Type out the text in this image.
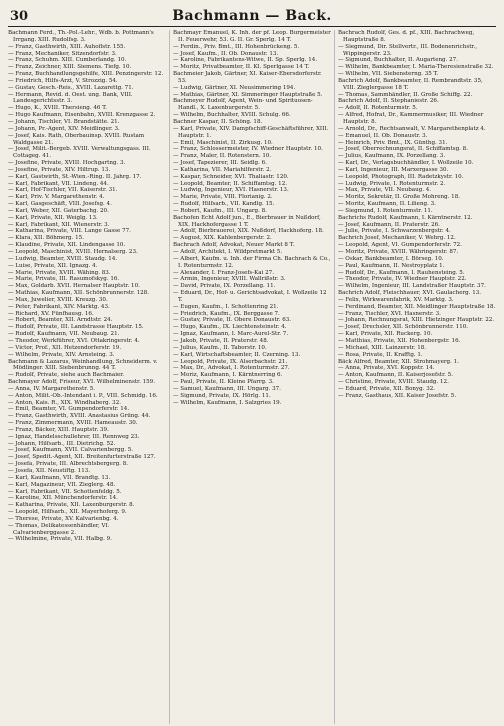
30	Bachmann — Back.

Bachmann Ferd., Th.-Pol.-Lehr., Wdb. b. Pottmann's Irrgang. XIII. Rudolfsg. 3.

— Franz, Gasthwirth, XIII. Auhoflstr. 155.

— Franz, Mechaniker, Sitzendorfstr. 3.

— Franz, Schuhm. XIII. Cumberlandg. 10.

— Franz, Zeichner, XIII. Siemens. Tiefg. 10.

— Franz, Buchhandlungsgehilfe, XIII. Penzingerstr. 12.

— Friedrich, Hilfs-Arzt, V. Strozzig. 54.

— Gustav, Gesch.-Reis., XVIII. Lazarettg. 71.

— Hermann, Revid. d. Oest. ung. Bank, VIII. Landesgerichtsstr. 3.

— Hugo, K., XVIII. Thersieng. 46 T.

— Hugo Kaufmann, Eisenbahn, XVIII. Krenzgasse 2.

— Johann, Tischler, VI. Brandstätte. 21.

— Johann, Pr.-Agent, XIV. Meidlinger. 3.

— Josef, Kais. Rath, Oberbauinsp. XVIII. Rustam Waldgasse 21.

— Josef, Milit.-Bergeb. XVIII. Verwaltungsgass. III. Cottageg. 41.

— Josefine, Private, XVIII. Hochgartng. 3.

— Josefine, Private, XIV. Hiltrup. 13.

— Karl, Gastwirth, St.-Wien.-Ring. II. Jahrg. 17.

— Karl, Fabrikant, VII. Lindeng. 44.

— Karl, Hof-Tischler, VII. Kaiserstr. 31.

— Karl, Priv. V. Margarethenstr. 4.

— Karl, Gasgeschäft, VIII. Josefsg. 4.

— Karl, Weber, XII. Gaterbachg. 20.

— Karl, Private, XII. Weiglg. 13.

— Karl, Fabrikant, XII. Wienerstr. 3.

— Katharina, Private, VIII. Lange Gasse 77.

— Klara, XII. Böhmerg. 15.

— Klaudine, Private, XII. Lindengasse 10.

— Leopold, Maschinist, XVIII. Hernalserg. 23.

— Ludwig, Beamter, XVIII. Staudg. 14.

— Luise, Private, XII. Ignazg. 4.

— Marie, Private, XVIII. Wähing. 83.

— Marie, Private, III. Rasumofskyg. 16.

— Max, Goldarb. XVII. Hernalser Hauptstr. 10.

— Mathias, Kaufmann, XII. Schönbrunnerstr. 128.

— Max, Juwelier, XVIII. Kreuzg. 30.

— Peter, Fabrikant, XIV. Marktg. 43.

— Richard, XV. Fünfhausg. 16.

— Robert, Beamter, XII. Arndtstr. 24.

— Rudolf, Private, III. Landstrasse Hauptstr. 15.

— Rudolf, Kaufmann, VII. Neubaug. 21.

— Theodor, Werkführer, XVI. Ottakringerstr. 4.

— Victor, Prof., XII. Hetzendorferstr. 19.

— Wilhelm, Private, XIV. Arnsteing. 3.

Bachmann & Lazarus, Weinhandlung, Schneiderm. v. Mödlinger. XIII. Siebenbrunng. 44 T.

— Rudolf, Private, siehe auch Bachmaier.

Bachmayer Adolf, Friseur, XVI. Wilhelminenstr. 159.

— Anna, IV. Margarethenstr. 5.

— Anton, Milit.-Ob.-Intendant i. P., VIII. Schmidg. 16.

— Anton, Kais. R., XIX. Windhaberg. 32.

— Emil, Beamter, VI. Gumpendorferstr. 14.

— Franz, Gasthwirth, XVIII. Anastasius Grüng. 44.

— Franz, Zimmermann, XVIII. Hameaustr. 30.

— Franz, Bäcker, XIII. Hauptstr. 39.

— Ignaz, Handelsschullehrer, III. Rennweg 23.

— Johann, Hilfsarb., III. Dietrichg. 52.

— Josef, Kaufmann, XVII. Calvarienbergg. 5.

— Josef, Spedit.-Agent, XII. Breitenfurterstraße 127.

— Josefa, Private, III. Albrechtsbergerg. 8.

— Josefa, XII. Neustiftg. 113.

— Karl, Kaufmann, VII. Brandtg. 13.

— Karl, Magazineur, VII. Zieglerg. 48.

— Karl, Fabrikant, VII. Schottenfeldg. 5.

— Karoline, XII. Münchendorferstr. 14.

— Katharina, Private, XII. Laxenburgerstr. 8.

— Leopold, Hilfsarb., XII. Mayerhoferg. 9.

— Therese, Private, XV. Kalvarienbg. 4.

— Thomas, Delikatessenhändler, VI. Calvarienberggasse 2.

— Wilhelmine, Private, VII. Halbg. 9.

Bachmayr Emanuel, K. Inh. der pf. Leop. Burgermeister II. Feuerwehr, 53. G. II. Gr. Sperlg. 14 T.

— Ferdin., Priv. Bmt., III. Hohenbrückeng. 5.

— Josef, Kaufm., II. Ob. Donaustr. 13.

— Karoline, Fabrikantens-Witwe, II. Sp. Sperlg. 14.

— Moritz, Privatbeamter, II. Kl. Sperlgasse 14 T.

Bachmeier Jakob, Gärtner, XI. Kaiser-Ebersdorferstr. 53.

— Ludwig, Gärtner, XI. Neusimmering 194.

— Mathias, Gärtner, XI. Simmeringer Hauptstraße 5.

Bachmeyer Rudolf, Agent, Wein- und Spirituosen-Handl., X. Laxenburgerstr. 5.

— Wilhelm, Buchhalter, XVIII. Schulg. 66.

Bachner Kaspar, II. Schöng. 18.

— Karl, Private, XIV. Dampfschiff-Geschäftsführer, XIII. Hauptstr. 1.

— Emil, Maschinist, II. Zirkusg. 10.

— Franz, Schlossermeister, IV. Wiedner Hauptstr. 10.

— Franz, Maler, II. Rotenstern. 10.

— Josef, Tapezierer, III. Seidlg. 6.

— Katharina, VII. Mariahilferstr. 2.

— Kaspar, Schneider, XVI. Thaliastr. 120.

— Leopold, Beamter, II. Schiffamtsg. 12.

— Ludwig, Ingenieur, XVI. Hasnerstr. 13.

— Marie, Private, VIII. Florianig. 2.

— Rudolf, Hilfsarb., VII. Kandlg. 15.

— Robert, Kaufm., III. Ungarg. 8.

Bachofen Echt Adolf jun., E., Bierbrauer in Nußdorf, XIX. Hackhofergasse 1 T.

— Adolf, Bierbrauerei, XIX. Nußdorf, Hackhoferg. 18.

— August, XIX. Kahlenbergerstr. 2.

Bachrach Adolf, Advokat, Neuer Markt 8 T.

— Adolf, Architekt, I. Wildpretmarkt 5.

— Albert, Kaufm. u. Inh. der Firma Ch. Bachrach & Co., I. Rotenturmstr. 12.

— Alexander, I. Franz-Josefs-Kai 27.

— Armin, Ingenieur, XVIII. Wallrißstr. 3.

— David, Private, IX. Porzellang. 11.

— Eduard, Dr., Hof- u. Gerichtsadvokat, I. Wollzeile 12 T.

— Eugen, Kaufm., I. Schottenring 21.

— Friedrich, Kaufm., IX. Berggasse 7.

— Gustav, Private, II. Obere Donaustr. 63.

— Hugo, Kaufm., IX. Liechtensteinstr. 4.

— Ignaz, Kaufmann, I. Marc-Aurel-Str. 7.

— Jakob, Private, II. Praterstr. 48.

— Julius, Kaufm., II. Taborstr. 10.

— Karl, Wirtschaftsbeamter, II. Czerning. 13.

— Leopold, Private, IX. Alserbachstr. 21.

— Max, Dr., Advokat, I. Rotenturmstr. 27.

— Moriz, Kaufmann, I. Kärntnerring 6.

— Paul, Private, II. Kleine Pfarrg. 3.

— Samuel, Kaufmann, III. Ungarg. 37.

— Sigmund, Private, IX. Hörlg. 11.

— Wilhelm, Kaufmann, I. Salzgries 19.

Bachrach Rudolf, Ges. d. pf., XIII. Bachrachweg, Hauptstraße 8.

— Siegmund, Dir. Stellvertr., III. Bodenenrichstr., Wippingerstr. 23.

— Sigmund, Buchhalter, II. Augarteng. 27.

— Wilhelm, Bankbeamter, I. Maria-Theresienstraße 32.

— Wilhelm, VII. Siebensterng. 35 T.

Bachrich Adolf, Bankbeamter, II. Rembrandtstr. 35, VIII. Zieglergasse 18 T.

— Thomas, Sammhändler, II. Große Schiffg. 22.

Bachrich Adolf, II. Stephaniestr. 26.

— Adolf, II. Rotenturmstr. 5.

— Alfred, Hofrat, Dr., Kammermusiker, III. Wiedner Hauptstr. 8.

— Arnold, Dr., Rechtsanwalt, V. Margarethenplatz 4.

— Emanuel, II. Ob. Donaustr. 3.

— Heinrich, Priv. Bmt., IX. Günthg. 31.

— Josef, Oberrechnungsrat, II. Schiffamtsg. 8.

— Julius, Kaufmann, IX. Porzellang. 3.

— Karl, Dr., Verlagsbuchhändler, I. Wollzeile 10.

— Karl, Ingenieur, III. Marxergasse 30.

— Leopold, Photograph, III. Radetzkystr. 10.

— Ludwig, Private, I. Rotenturmstr. 2.

— Max, Private, VII. Neubaug. 4.

— Moritz, Sekretär, II. Große Mohreng. 18.

— Moritz, Kaufmann, II. Lilieng. 3.

— Siegmund, I. Rotenturmstr. 11.

Bachrichs Rudolf, Kaufmann, I. Kärntnerstr. 12.

— Josef, Kaufmann, II. Praterstr. 26.

— Julie, Private, I. Schwarzenbergstr. 4.

Bachrich Josef, Mechaniker, V. Wehrg. 12.

— Leopold, Agent, VI. Gumpendorferstr. 72.

— Moritz, Private, XVIII. Währingerstr. 87.

— Oskar, Bankbeamter, I. Börseg. 10.

— Paul, Kaufmann, II. Nestroyplatz 1.

— Rudolf, Dr., Kaufmann, I. Rauhensteing. 5.

— Theodor, Private, IV. Wiedner Hauptstr. 22.

— Wilhelm, Ingenieur, III. Landstraßer Hauptstr. 37.

Bachrich Adolf, Fleischhauer, XVI. Gaulacherg. 13.

— Felix, Wirkwarenfabrik, XV. Marktg. 3.

— Ferdinand, Beamter, XII. Meidlinger Hauptstraße 18.

— Franz, Tischler, XVI. Hasnerstr. 3.

— Johann, Rechnungsrat, XIII. Hietzinger Hauptstr. 22.

— Josef, Drechsler, XII. Schönbrunnerstr. 110.

— Karl, Private, XII. Ruckerg. 10.

— Matthias, Private, XII. Hohenbergstr. 16.

— Michael, XIII. Lainzerstr. 18.

— Rosa, Private, II. Krafftg. 1.

Bäck Alfred, Beamter, XII. Strohmayerg. 1.

— Anna, Private, XVI. Koppstr. 14.

— Anton, Kaufmann, II. Kaiserjosefstr. 5.

— Christine, Private, XVIII. Staudg. 12.

— Eduard, Private, XII. Bonyg. 32.

— Franz, Gasthaus, XII. Kaiser Josefstr. 5.
